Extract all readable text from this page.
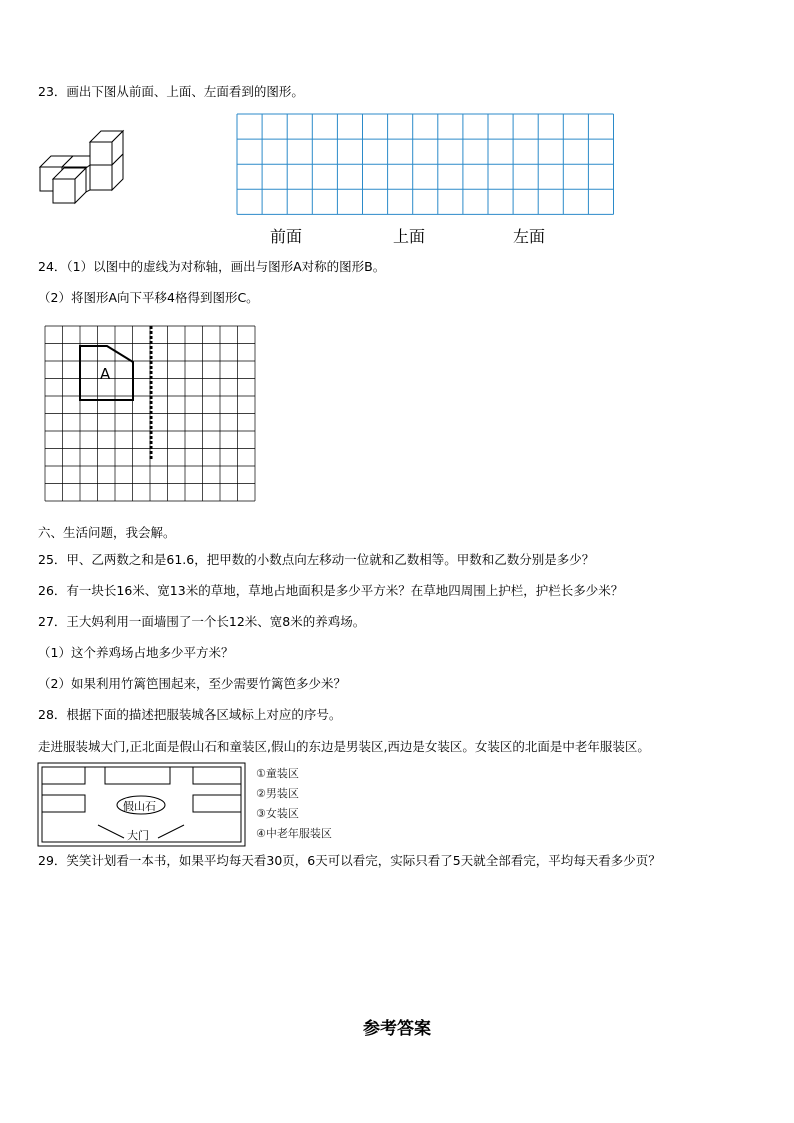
23．画出下图从前面、上面、左面看到的图形。
前面	上面	左面
24．（1）以图中的虚线为对称轴，画出与图形A对称的图形B。
（2）将图形A向下平移4格得到图形C。
A
六、生活问题，我会解。
25．甲、乙两数之和是61.6，把甲数的小数点向左移动一位就和乙数相等。甲数和乙数分别是多少？
26．有一块长16米、宽13米的草地，草地占地面积是多少平方米？在草地四周围上护栏，护栏长多少米？
27．王大妈利用一面墙围了一个长12米、宽8米的养鸡场。
（1）这个养鸡场占地多少平方米？
（2）如果利用竹篱笆围起来，至少需要竹篱笆多少米？
28．根据下面的描述把服装城各区域标上对应的序号。
走进服装城大门,正北面是假山石和童装区,假山的东边是男装区,西边是女装区。女装区的北面是中老年服装区。
假山石
大门
①童装区
②男装区
③女装区
④中老年服装区
29．笑笑计划看一本书，如果平均每天看30页，6天可以看完，实际只看了5天就全部看完，平均每天看多少页？
参考答案
